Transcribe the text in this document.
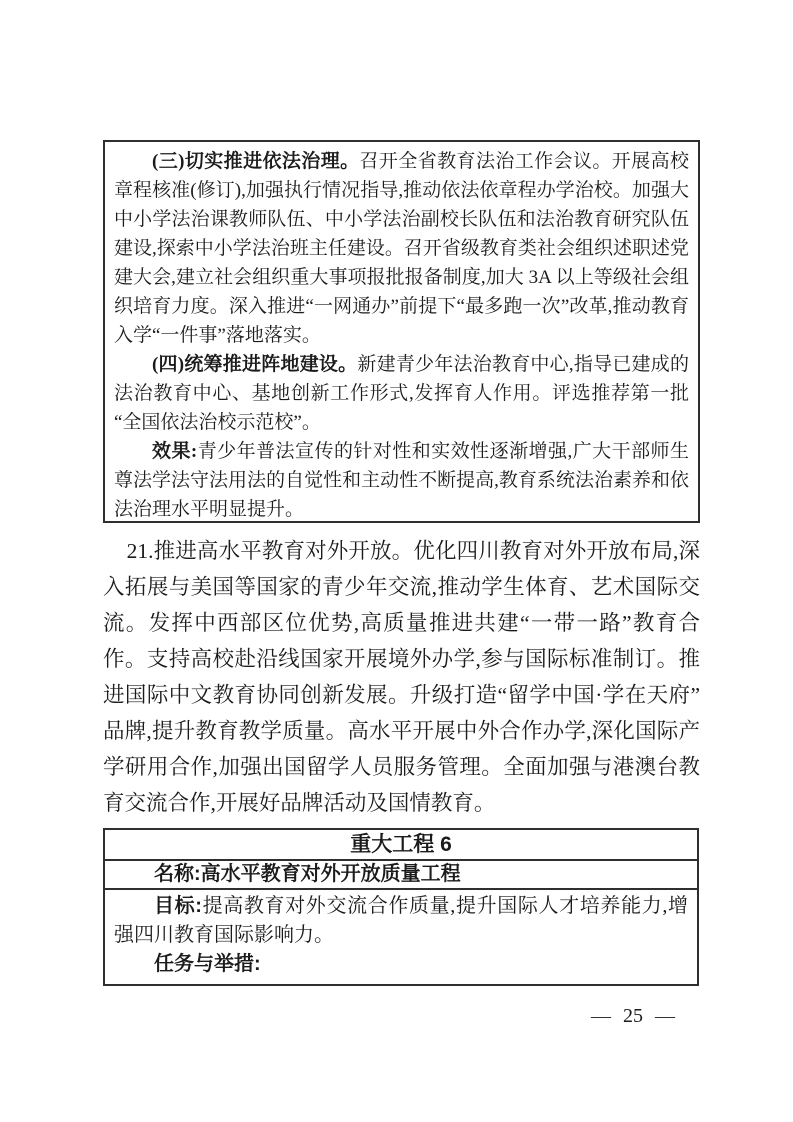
(三)切实推进依法治理。召开全省教育法治工作会议。开展高校章程核准(修订),加强执行情况指导,推动依法依章程办学治校。加强大中小学法治课教师队伍、中小学法治副校长队伍和法治教育研究队伍建设,探索中小学法治班主任建设。召开省级教育类社会组织述职述党建大会,建立社会组织重大事项报批报备制度,加大 3A 以上等级社会组织培育力度。深入推进“一网通办”前提下“最多跑一次”改革,推动教育入学“一件事”落地落实。

(四)统筹推进阵地建设。新建青少年法治教育中心,指导已建成的法治教育中心、基地创新工作形式,发挥育人作用。评选推荐第一批“全国依法治校示范校”。

效果:青少年普法宣传的针对性和实效性逐渐增强,广大干部师生尊法学法守法用法的自觉性和主动性不断提高,教育系统法治素养和依法治理水平明显提升。

21.推进高水平教育对外开放。优化四川教育对外开放布局,深入拓展与美国等国家的青少年交流,推动学生体育、艺术国际交流。发挥中西部区位优势,高质量推进共建“一带一路”教育合作。支持高校赴沿线国家开展境外办学,参与国际标准制订。推进国际中文教育协同创新发展。升级打造“留学中国·学在天府”品牌,提升教育教学质量。高水平开展中外合作办学,深化国际产学研用合作,加强出国留学人员服务管理。全面加强与港澳台教育交流合作,开展好品牌活动及国情教育。

重大工程 6
名称:高水平教育对外开放质量工程

目标:提高教育对外交流合作质量,提升国际人才培养能力,增强四川教育国际影响力。

任务与举措:

— 25 —
